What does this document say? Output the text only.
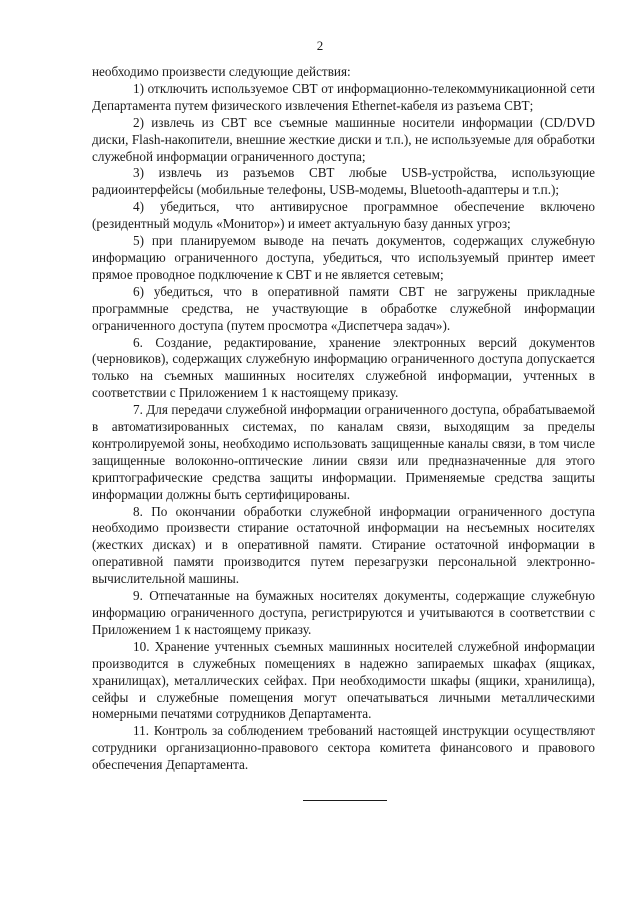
2

необходимо произвести следующие действия:

1) отключить используемое СВТ от информационно-телекоммуникационной сети Департамента путем физического извлечения Ethernet-кабеля из разъема СВТ;

2) извлечь из СВТ все съемные машинные носители информации (CD/DVD диски, Flash-накопители, внешние жесткие диски и т.п.), не используемые для обработки служебной информации ограниченного доступа;

3) извлечь из разъемов СВТ любые USB-устройства, использующие радиоинтерфейсы (мобильные телефоны, USB-модемы, Bluetooth-адаптеры и т.п.);

4) убедиться, что антивирусное программное обеспечение включено (резидентный модуль «Монитор») и имеет актуальную базу данных угроз;

5) при планируемом выводе на печать документов, содержащих служебную информацию ограниченного доступа, убедиться, что используемый принтер имеет прямое проводное подключение к СВТ и не является сетевым;

6) убедиться, что в оперативной памяти СВТ не загружены прикладные программные средства, не участвующие в обработке служебной информации ограниченного доступа (путем просмотра «Диспетчера задач»).

6. Создание, редактирование, хранение электронных версий документов (черновиков), содержащих служебную информацию ограниченного доступа допускается только на съемных машинных носителях служебной информации, учтенных в соответствии с Приложением 1 к настоящему приказу.

7. Для передачи служебной информации ограниченного доступа, обрабатываемой в автоматизированных системах, по каналам связи, выходящим за пределы контролируемой зоны, необходимо использовать защищенные каналы связи, в том числе защищенные волоконно-оптические линии связи или предназначенные для этого криптографические средства защиты информации. Применяемые средства защиты информации должны быть сертифицированы.

8. По окончании обработки служебной информации ограниченного доступа необходимо произвести стирание остаточной информации на несъемных носителях (жестких дисках) и в оперативной памяти. Стирание остаточной информации в оперативной памяти производится путем перезагрузки персональной электронно-вычислительной машины.

9. Отпечатанные на бумажных носителях документы, содержащие служебную информацию ограниченного доступа, регистрируются и учитываются в соответствии с Приложением 1 к настоящему приказу.

10. Хранение учтенных съемных машинных носителей служебной информации производится в служебных помещениях в надежно запираемых шкафах (ящиках, хранилищах), металлических сейфах. При необходимости шкафы (ящики, хранилища), сейфы и служебные помещения могут опечатываться личными металлическими номерными печатями сотрудников Департамента.

11. Контроль за соблюдением требований настоящей инструкции осуществляют сотрудники организационно-правового сектора комитета финансового и правового обеспечения Департамента.
